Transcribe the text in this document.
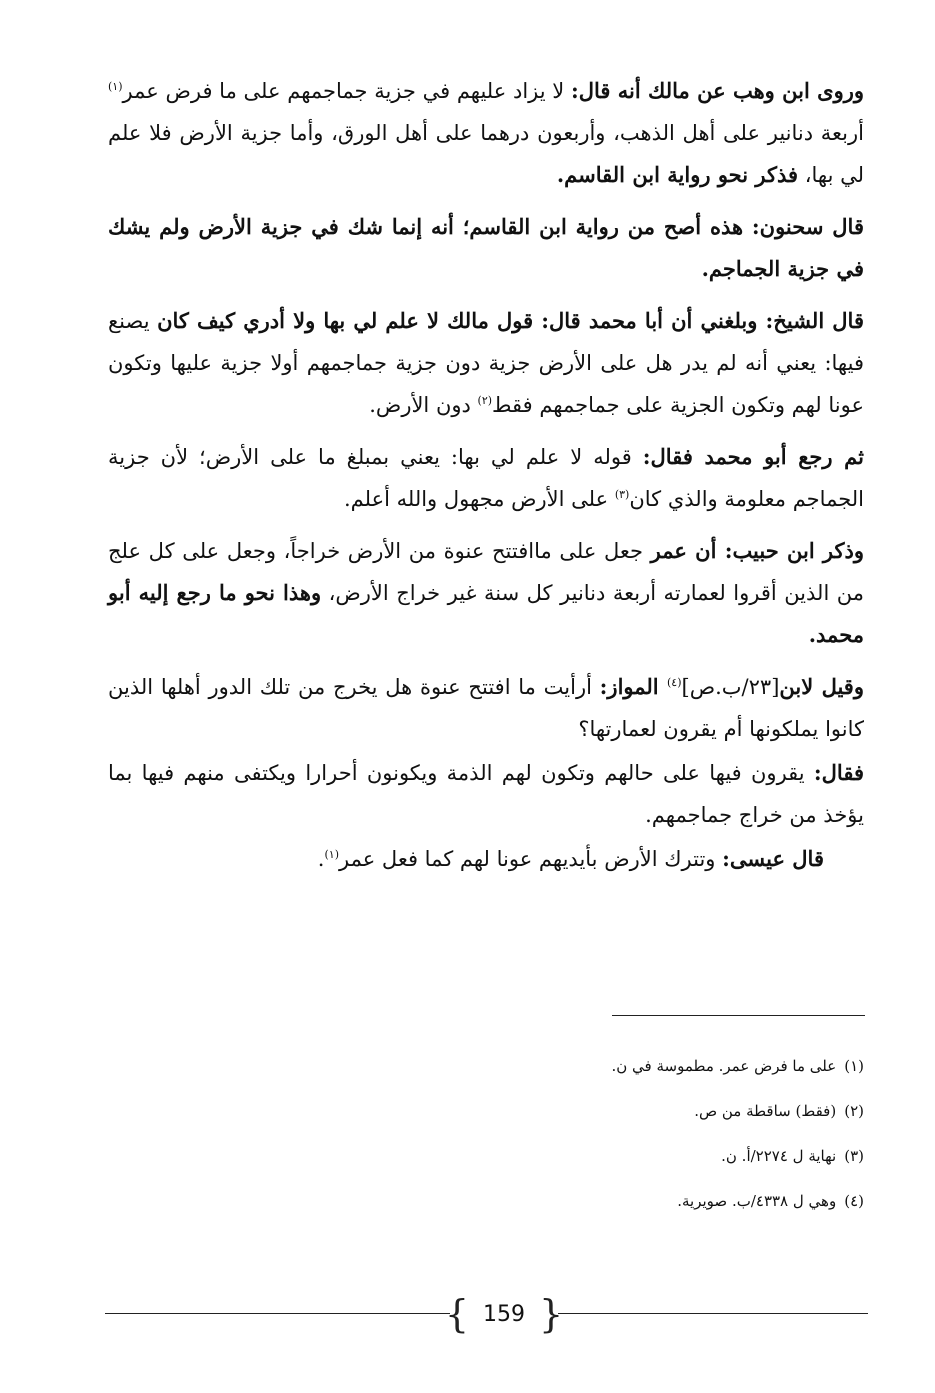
وروى ابن وهب عن مالك أنه قال: لا يزاد عليهم في جزية جماجمهم على ما فرض عمر$^{(١)}$ أربعة دنانير على أهل الذهب، وأربعون درهما على أهل الورق، وأما جزية الأرض فلا علم لي بها، فذكر نحو رواية ابن القاسم.

قال سحنون: هذه أصح من رواية ابن القاسم؛ أنه إنما شك في جزية الأرض ولم يشك في جزية الجماجم.

قال الشيخ: وبلغني أن أبا محمد قال: قول مالك لا علم لي بها ولا أدري كيف كان يصنع فيها: يعني أنه لم يدر هل على الأرض جزية دون جزية جماجمهم أولا جزية عليها وتكون عونا لهم وتكون الجزية على جماجمهم فقط$^{(٢)}$ دون الأرض.

ثم رجع أبو محمد فقال: قوله لا علم لي بها: يعني بمبلغ ما على الأرض؛ لأن جزية الجماجم معلومة والذي كان$^{(٣)}$ على الأرض مجهول والله أعلم.

وذكر ابن حبيب: أن عمر جعل على ماافتتح عنوة من الأرض خراجاً، وجعل على كل علج من الذين أقروا لعمارته أربعة دنانير كل سنة غير خراج الأرض، وهذا نحو ما رجع إليه أبو محمد.

وقيل لابن[٢٣/ب.ص]$^{(٤)}$ المواز: أرأيت ما افتتح عنوة هل يخرج من تلك الدور أهلها الذين كانوا يملكونها أم يقرون لعمارتها؟

فقال: يقرون فيها على حالهم وتكون لهم الذمة ويكونون أحرارا ويكتفى منهم فيها بما يؤخذ من خراج جماجمهم.

قال عيسى: وتترك الأرض بأيديهم عونا لهم كما فعل عمر$^{(١)}$.

(١)على ما فرض عمر. مطموسة في ن.
(٢)(فقط) ساقطة من ص.
(٣)نهاية ل ٢٢٧٤/أ. ن.
(٤)وهي ل ٤٣٣٨/ب. صويرية.
{ 159 }
